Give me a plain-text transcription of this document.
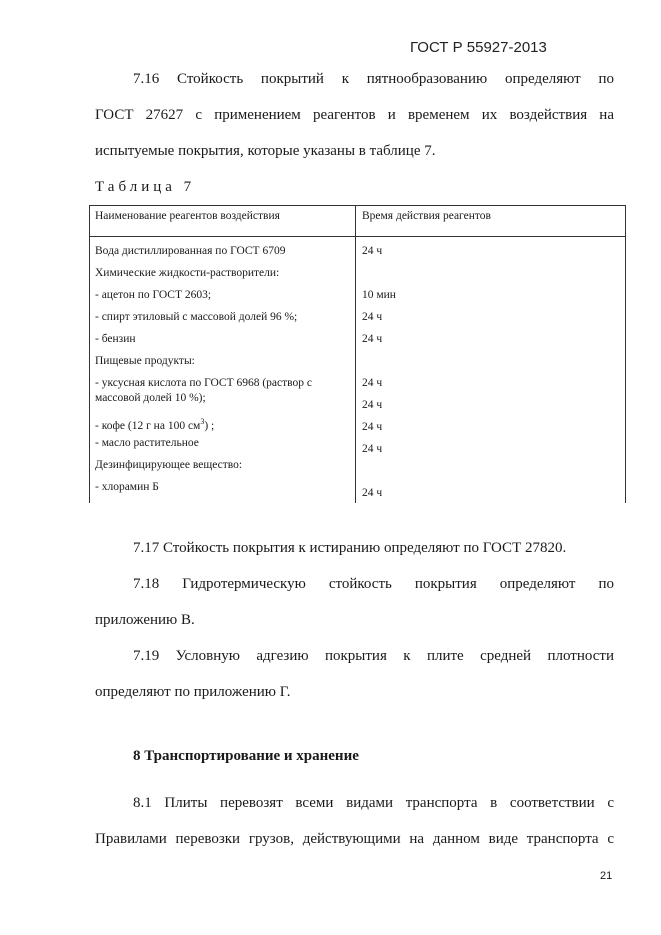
ГОСТ Р 55927-2013
7.16 Стойкость покрытий к пятнообразованию определяют по
ГОСТ 27627 с применением реагентов и временем их воздействия на
испытуемые покрытия, которые указаны в таблице 7.
Таблица 7
Наименование реагентов воздействия	Время действия реагентов
Вода дистиллированная по ГОСТ 6709
Химические жидкости-растворители:
- ацетон по ГОСТ 2603;
- спирт этиловый с массовой долей 96 %;
- бензин
Пищевые продукты:
- уксусная кислота по ГОСТ 6968 (раствор с
массовой долей 10 %);
- кофе (12 г на 100 $см^3$) ;
- масло растительное
Дезинфицирующее вещество:
- хлорамин Б
24 ч
10 мин
24 ч
24 ч
24 ч
24 ч
24 ч
24 ч
24 ч
7.17 Стойкость покрытия к истиранию определяют по ГОСТ 27820.
7.18 Гидротермическую стойкость покрытия определяют по
приложению В.
7.19 Условную адгезию покрытия к плите средней плотности
определяют по приложению Г.
8 Транспортирование и хранение
8.1 Плиты перевозят всеми видами транспорта в соответствии с
Правилами перевозки грузов, действующими на данном виде транспорта с
21
